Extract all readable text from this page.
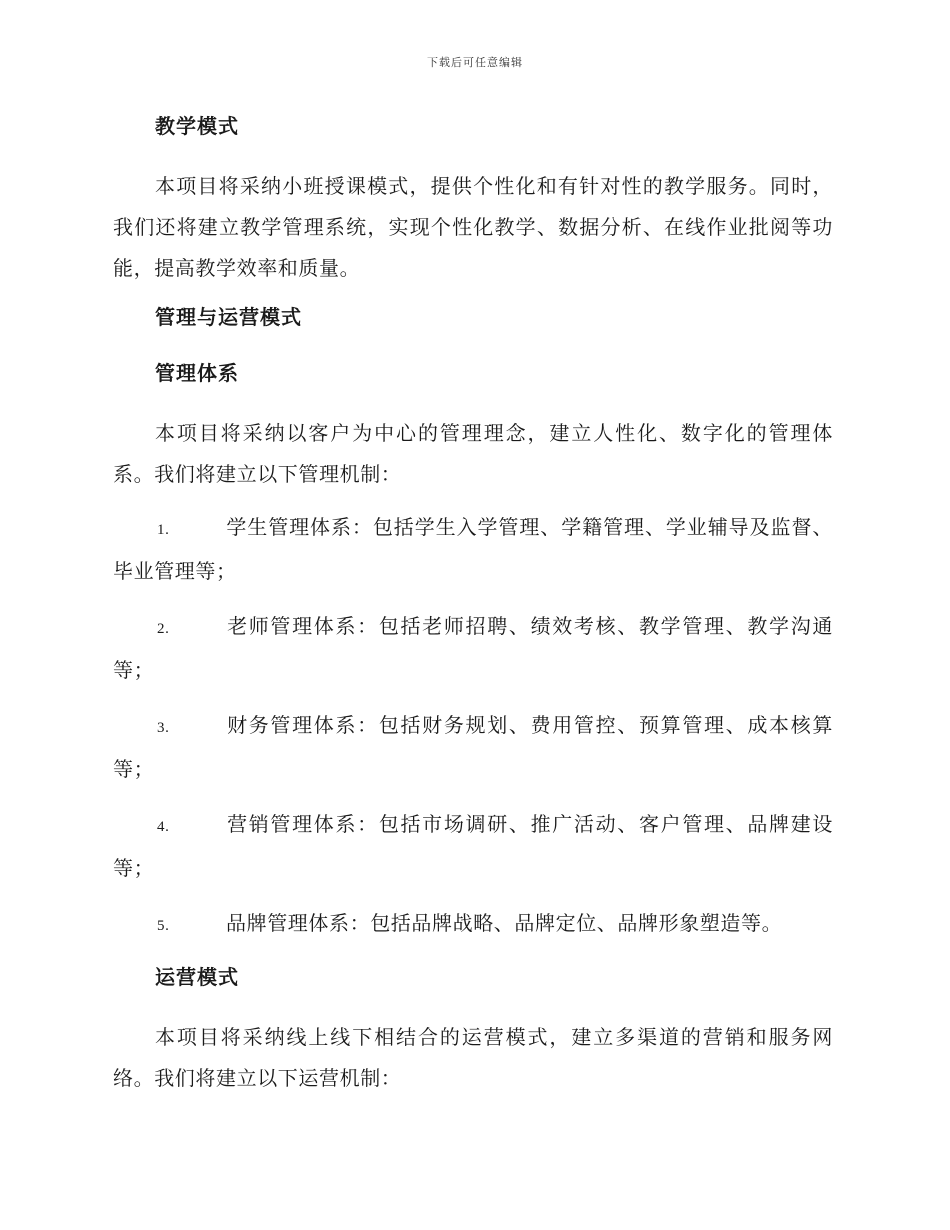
下载后可任意编辑
教学模式

本项目将采纳小班授课模式，提供个性化和有针对性的教学服务。同时，我们还将建立教学管理系统，实现个性化教学、数据分析、在线作业批阅等功能，提高教学效率和质量。

管理与运营模式
管理体系

本项目将采纳以客户为中心的管理理念，建立人性化、数字化的管理体系。我们将建立以下管理机制：

1.	学生管理体系：包括学生入学管理、学籍管理、学业辅导及监督、毕业管理等；
2.	老师管理体系：包括老师招聘、绩效考核、教学管理、教学沟通等；
3.	财务管理体系：包括财务规划、费用管控、预算管理、成本核算等；
4.	营销管理体系：包括市场调研、推广活动、客户管理、品牌建设等；
5.	品牌管理体系：包括品牌战略、品牌定位、品牌形象塑造等。
运营模式

本项目将采纳线上线下相结合的运营模式，建立多渠道的营销和服务网络。我们将建立以下运营机制：
